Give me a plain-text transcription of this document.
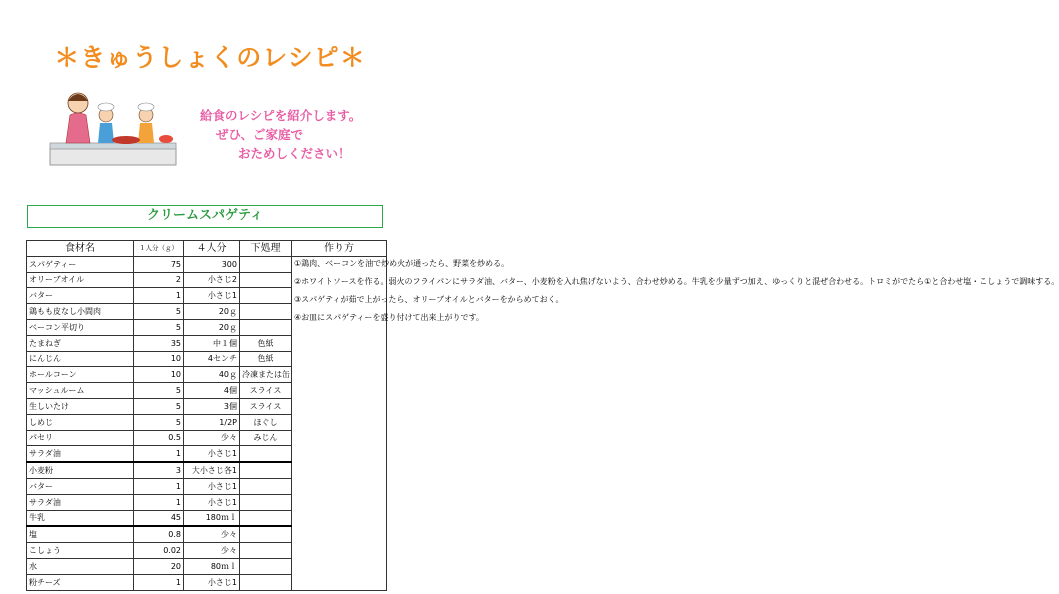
＊きゅうしょくのレシピ＊
給食のレシピを紹介します。
ぜひ、ご家庭で
おためしください！
クリームスパゲティ
食材名	１人分（ｇ）	４人分	下処理	作り方
スパゲティー	75	300		①鶏肉、ベーコンを油で炒め火が通ったら、野菜を炒める。
②ホワイトソースを作る。弱火のフライパンにサラダ油、バター、小麦粉を入れ焦げないよう、合わせ炒める。牛乳を少量ずつ加え、ゆっくりと混ぜ合わせる。トロミがでたら①と合わせ塩・こしょうで調味する。
③スパゲティが茹で上がったら、オリーブオイルとバターをからめておく。
④お皿にスパゲティーを盛り付けて出来上がりです。

オリーブオイル	2	小さじ2		
バター	1	小さじ1		
鶏もも皮なし小間肉	5	20ｇ		
ベーコン平切り	5	20ｇ		
たまねぎ	35	中１個	色紙	
にんじん	10	4センチ	色紙	
ホールコーン	10	40ｇ	冷凍または缶	
マッシュルーム	5	4個	スライス	
生しいたけ	5	3個	スライス	
しめじ	5	1/2P	ほぐし	
パセリ	0.5	少々	みじん	
サラダ油	1	小さじ1		
小麦粉	3	大小さじ各1		
バター	1	小さじ1		
サラダ油	1	小さじ1		
牛乳	45	180ｍｌ		
塩	0.8	少々		
こしょう	0.02	少々		
水	20	80ｍｌ		
粉チーズ	1	小さじ1		
